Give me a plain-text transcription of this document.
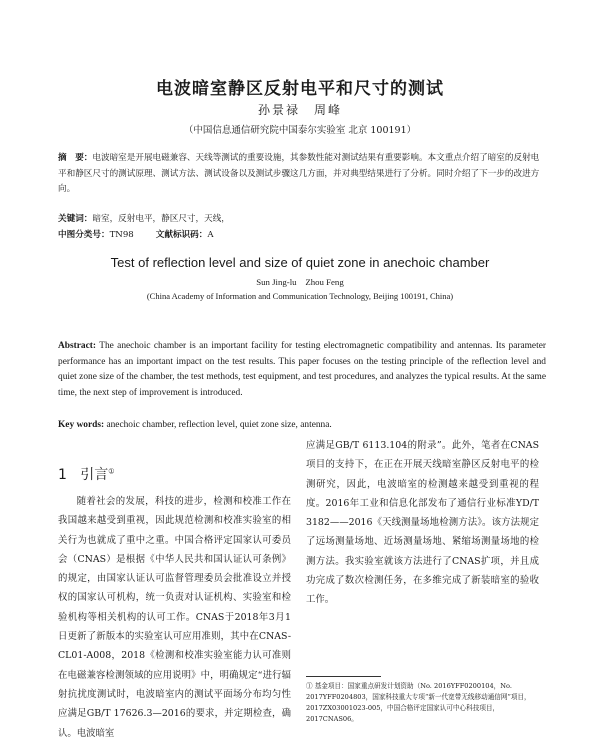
电波暗室静区反射电平和尺寸的测试
孙景禄　周峰
（中国信息通信研究院中国泰尔实验室 北京 100191）
摘　要：电波暗室是开展电磁兼容、天线等测试的重要设施，其参数性能对测试结果有重要影响。本文重点介绍了暗室的反射电平和静区尺寸的测试原理、测试方法、测试设备以及测试步骤这几方面，并对典型结果进行了分析。同时介绍了下一步的改进方向。
关键词：暗室，反射电平，静区尺寸，天线，
中图分类号：TN98	文献标识码：A
Test of reflection level and size of quiet zone in anechoic chamber
Sun Jing-lu　Zhou Feng
(China Academy of Information and Communication Technology, Beijing 100191, China)
Abstract: The anechoic chamber is an important facility for testing electromagnetic compatibility and antennas. Its parameter performance has an important impact on the test results. This paper focuses on the testing principle of the reflection level and quiet zone size of the chamber, the test methods, test equipment, and test procedures, and analyzes the typical results. At the same time, the next step of improvement is introduced.
Key words: anechoic chamber, reflection level, quiet zone size, antenna.
1 引言①

随着社会的发展，科技的进步，检测和校准工作在我国越来越受到重视，因此规范检测和校准实验室的相关行为也就成了重中之重。中国合格评定国家认可委员会（CNAS）是根据《中华人民共和国认证认可条例》的规定，由国家认证认可监督管理委员会批准设立并授权的国家认可机构，统一负责对认证机构、实验室和检验机构等相关机构的认可工作。CNAS于2018年3月1日更新了新版本的实验室认可应用准则，其中在CNAS-CL01-A008，2018《检测和校准实验室能力认可准则在电磁兼容检测领域的应用说明》中，明确规定“进行辐射抗扰度测试时，电波暗室内的测试平面场分布均匀性应满足GB/T 17626.3—2016的要求，并定期检查，确认。电波暗室

应满足GB/T 6113.104的附录”。此外，笔者在CNAS项目的支持下，在正在开展天线暗室静区反射电平的检测研究，因此，电波暗室的检测越来越受到重视的程度。2016年工业和信息化部发布了通信行业标准YD/T 3182——2016《天线测量场地检测方法》。该方法规定了远场测量场地、近场测量场地、紧缩场测量场地的检测方法。我实验室就该方法进行了CNAS扩项，并且成功完成了数次检测任务，在多维完成了新装暗室的验收工作。

① 基金项目：国家重点研发计划资助（No. 2016YFF0200104，No. 2017YFF0204803，国家科技重大专项“新一代宽带无线移动通信网”项目，2017ZX03001023-005，中国合格评定国家认可中心科技项目，2017CNAS06。
